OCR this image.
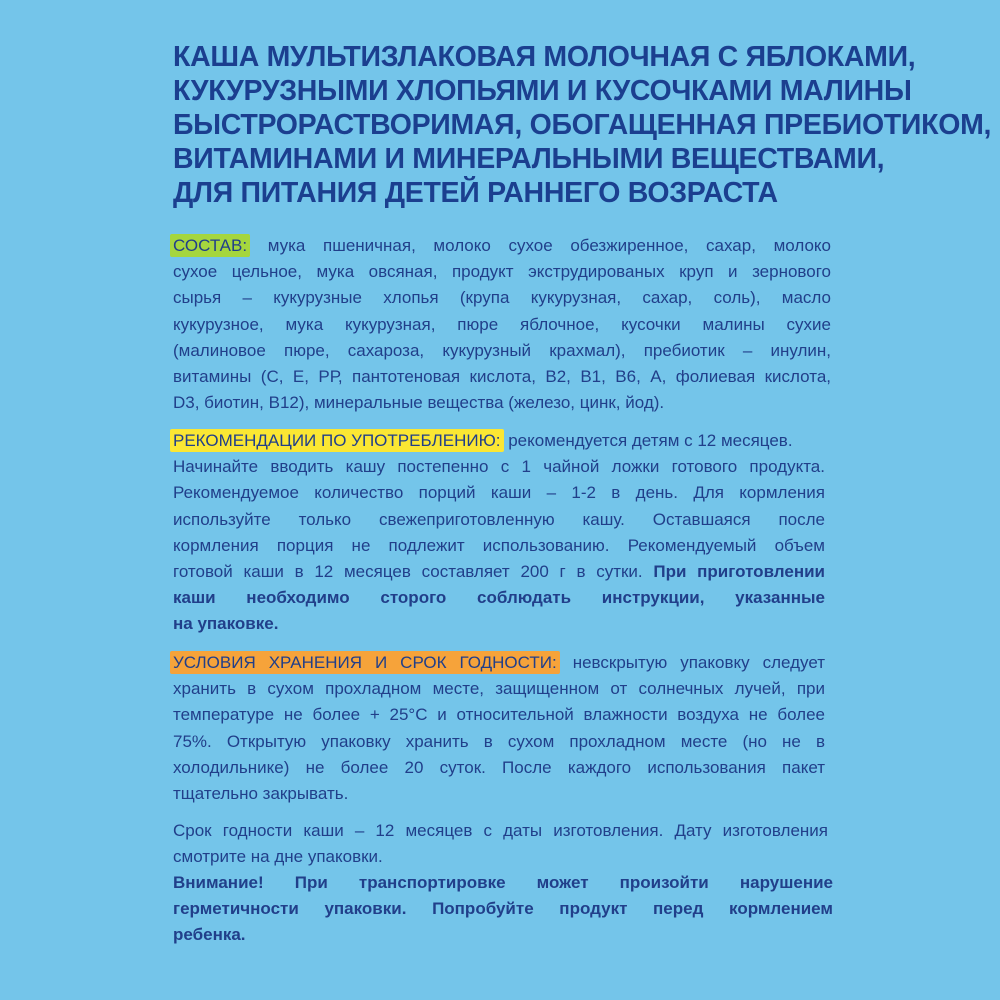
КАША МУЛЬТИЗЛАКОВАЯ МОЛОЧНАЯ С ЯБЛОКАМИ,
КУКУРУЗНЫМИ ХЛОПЬЯМИ И КУСОЧКАМИ МАЛИНЫ
БЫСТРОРАСТВОРИМАЯ, ОБОГАЩЕННАЯ ПРЕБИОТИКОМ,
ВИТАМИНАМИ И МИНЕРАЛЬНЫМИ ВЕЩЕСТВАМИ,
ДЛЯ ПИТАНИЯ ДЕТЕЙ РАННЕГО ВОЗРАСТА
СОСТАВ: мука пшеничная, молоко сухое обезжиренное, сахар, молоко
сухое цельное, мука овсяная, продукт экструдированых круп и зернового
сырья – кукурузные хлопья (крупа кукурузная, сахар, соль), масло
кукурузное, мука кукурузная, пюре яблочное, кусочки малины сухие
(малиновое пюре, сахароза, кукурузный крахмал), пребиотик – инулин,
витамины (С, Е, РР, пантотеновая кислота, В2, В1, В6, А, фолиевая кислота,
D3, биотин, В12), минеральные вещества (железо, цинк, йод).
РЕКОМЕНДАЦИИ ПО УПОТРЕБЛЕНИЮ: рекомендуется детям с 12 месяцев.
Начинайте вводить кашу постепенно с 1 чайной ложки готового продукта.
Рекомендуемое количество порций каши – 1-2 в день. Для кормления
используйте только свежеприготовленную кашу. Оставшаяся после
кормления порция не подлежит использованию. Рекомендуемый объем
готовой каши в 12 месяцев составляет 200 г в сутки. При приготовлении
каши необходимо сторого соблюдать инструкции, указанные
на упаковке.
УСЛОВИЯ ХРАНЕНИЯ И СРОК ГОДНОСТИ: невскрытую упаковку следует
хранить в сухом прохладном месте, защищенном от солнечных лучей, при
температуре не более + 25°С и относительной влажности воздуха не более
75%. Открытую упаковку хранить в сухом прохладном месте (но не в
холодильнике) не более 20 суток. После каждого использования пакет
тщательно закрывать.
Срок годности каши – 12 месяцев с даты изготовления. Дату изготовления
смотрите на дне упаковки.
Внимание! При транспортировке может произойти нарушение
герметичности упаковки. Попробуйте продукт перед кормлением
ребенка.
